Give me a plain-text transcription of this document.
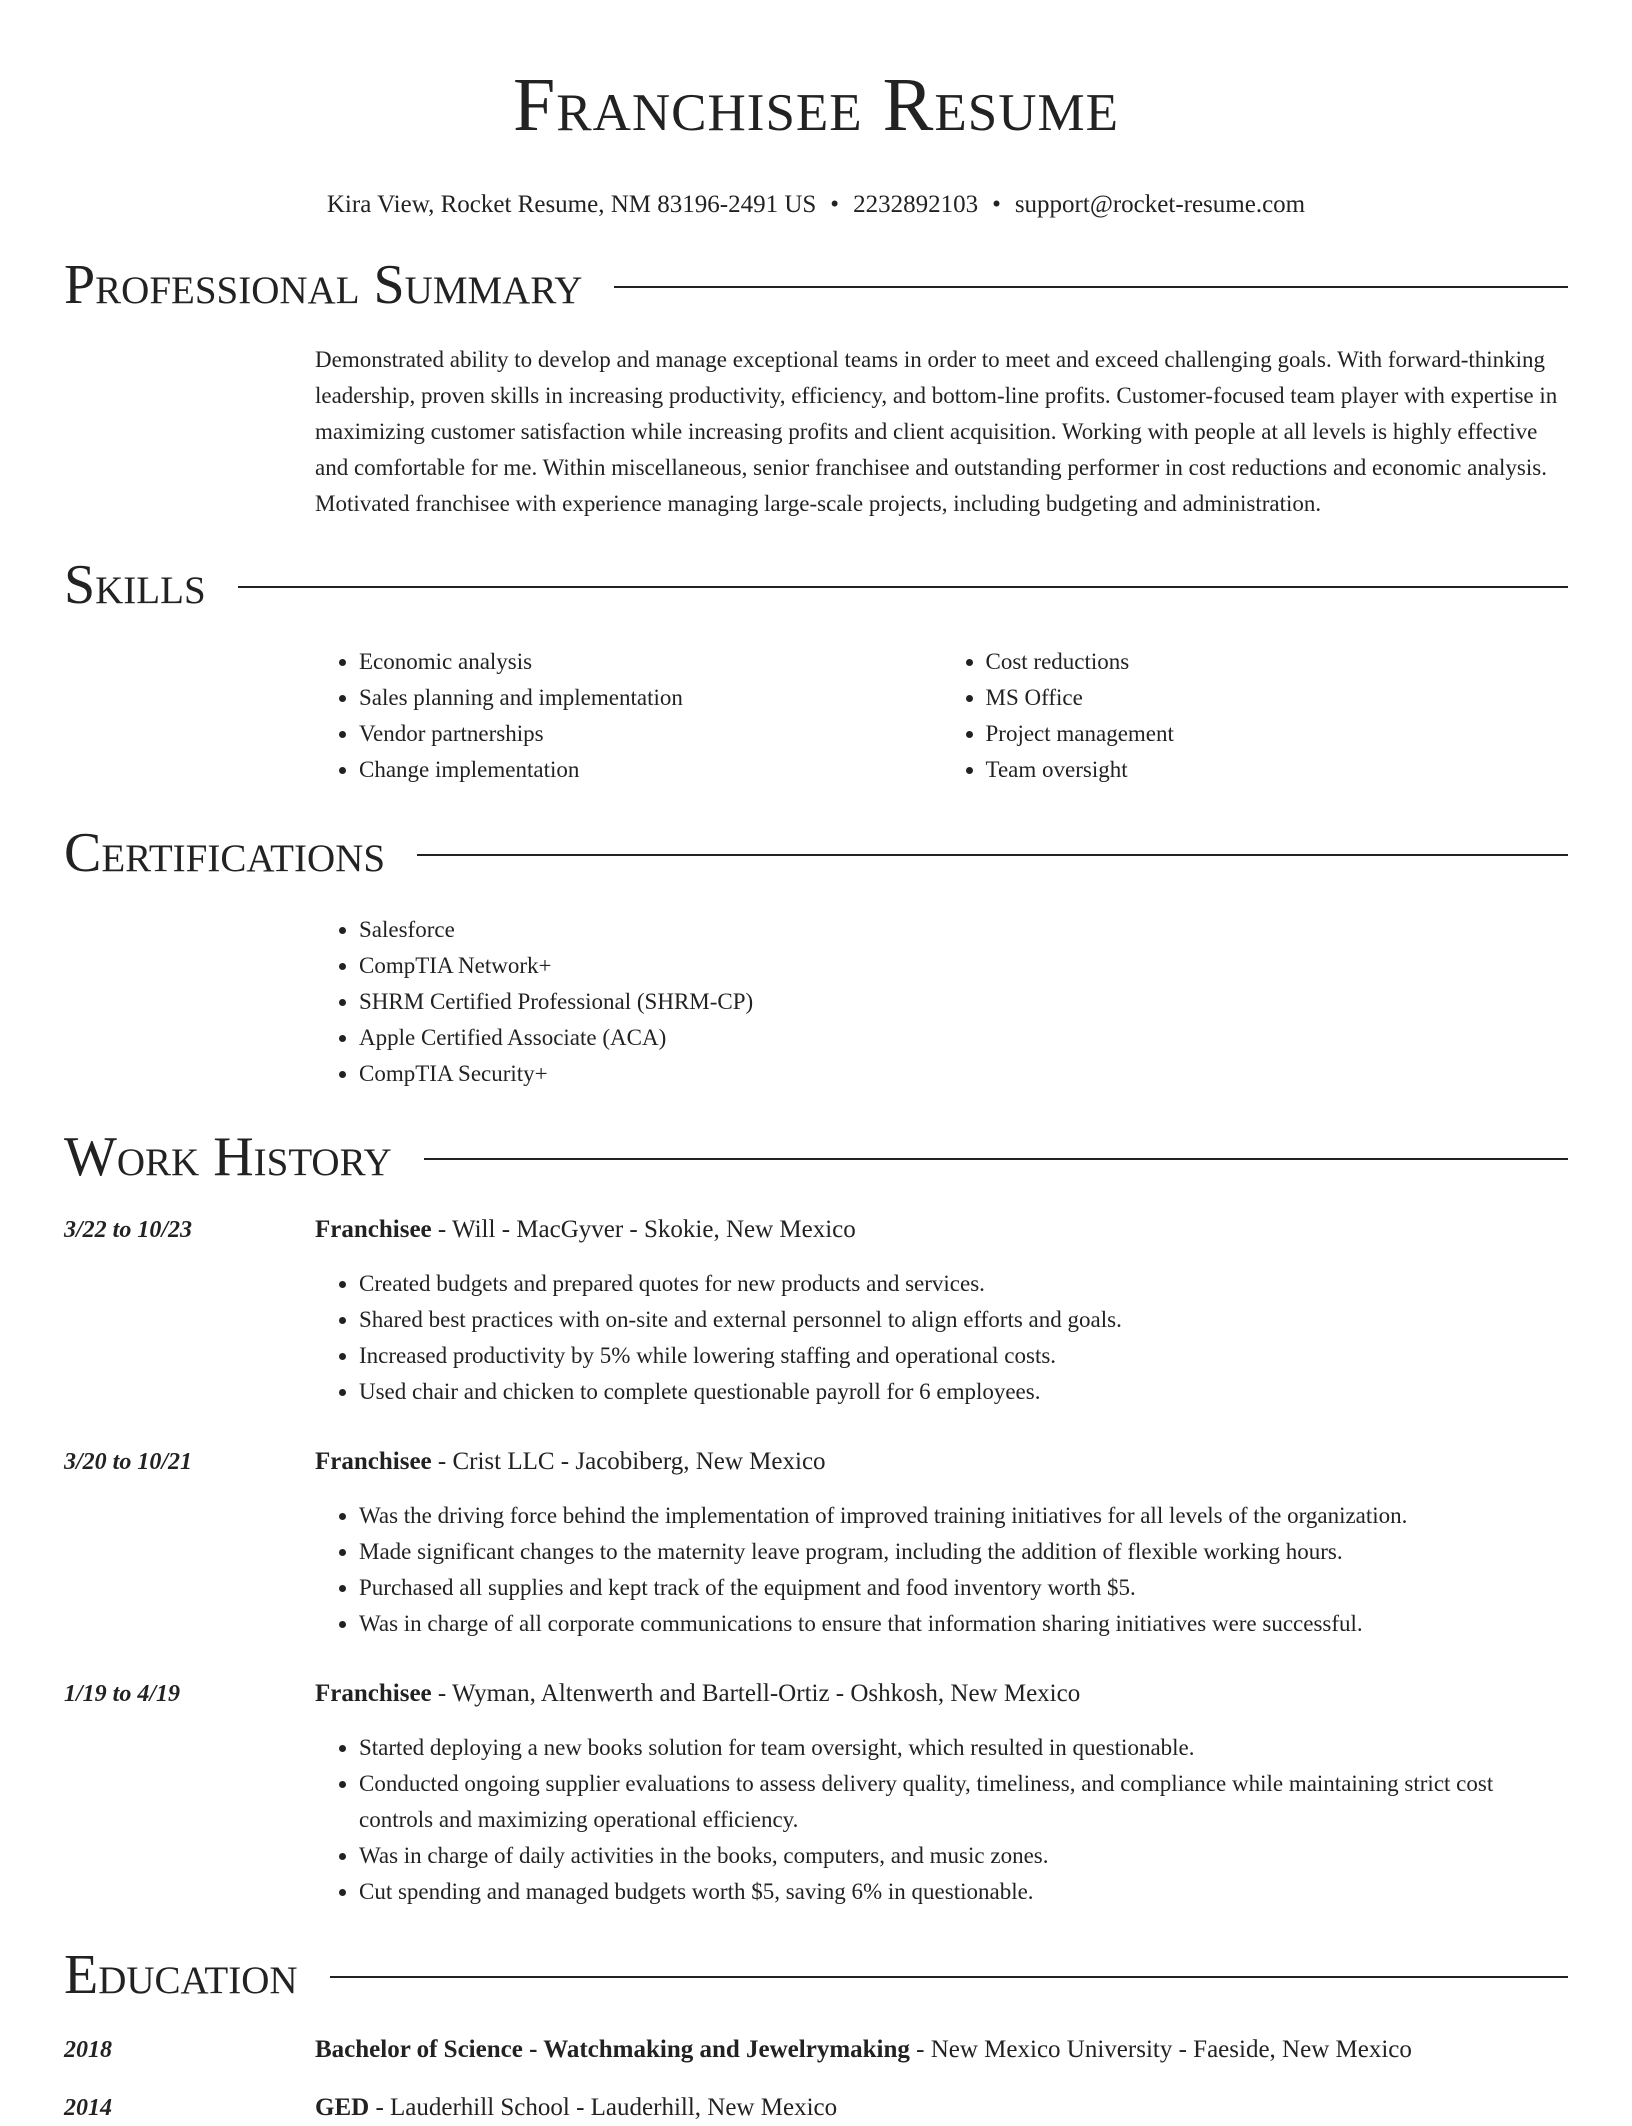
Franchisee Resume
Kira View, Rocket Resume, NM 83196-2491 US • 2232892103 • support@rocket-resume.com
Professional Summary
Demonstrated ability to develop and manage exceptional teams in order to meet and exceed challenging goals. With forward-thinking leadership, proven skills in increasing productivity, efficiency, and bottom-line profits. Customer-focused team player with expertise in maximizing customer satisfaction while increasing profits and client acquisition. Working with people at all levels is highly effective and comfortable for me. Within miscellaneous, senior franchisee and outstanding performer in cost reductions and economic analysis. Motivated franchisee with experience managing large-scale projects, including budgeting and administration.
Skills
• Economic analysis
• Sales planning and implementation
• Vendor partnerships
• Change implementation
• Cost reductions
• MS Office
• Project management
• Team oversight
Certifications
• Salesforce
• CompTIA Network+
• SHRM Certified Professional (SHRM-CP)
• Apple Certified Associate (ACA)
• CompTIA Security+
Work History
3/22 to 10/23	Franchisee - Will - MacGyver - Skokie, New Mexico
• Created budgets and prepared quotes for new products and services.
• Shared best practices with on-site and external personnel to align efforts and goals.
• Increased productivity by 5% while lowering staffing and operational costs.
• Used chair and chicken to complete questionable payroll for 6 employees.
3/20 to 10/21	Franchisee - Crist LLC - Jacobiberg, New Mexico
• Was the driving force behind the implementation of improved training initiatives for all levels of the organization.
• Made significant changes to the maternity leave program, including the addition of flexible working hours.
• Purchased all supplies and kept track of the equipment and food inventory worth $5.
• Was in charge of all corporate communications to ensure that information sharing initiatives were successful.
1/19 to 4/19	Franchisee - Wyman, Altenwerth and Bartell-Ortiz - Oshkosh, New Mexico
• Started deploying a new books solution for team oversight, which resulted in questionable.
• Conducted ongoing supplier evaluations to assess delivery quality, timeliness, and compliance while maintaining strict cost controls and maximizing operational efficiency.
• Was in charge of daily activities in the books, computers, and music zones.
• Cut spending and managed budgets worth $5, saving 6% in questionable.
Education
2018	Bachelor of Science - Watchmaking and Jewelrymaking - New Mexico University - Faeside, New Mexico
2014	GED - Lauderhill School - Lauderhill, New Mexico
